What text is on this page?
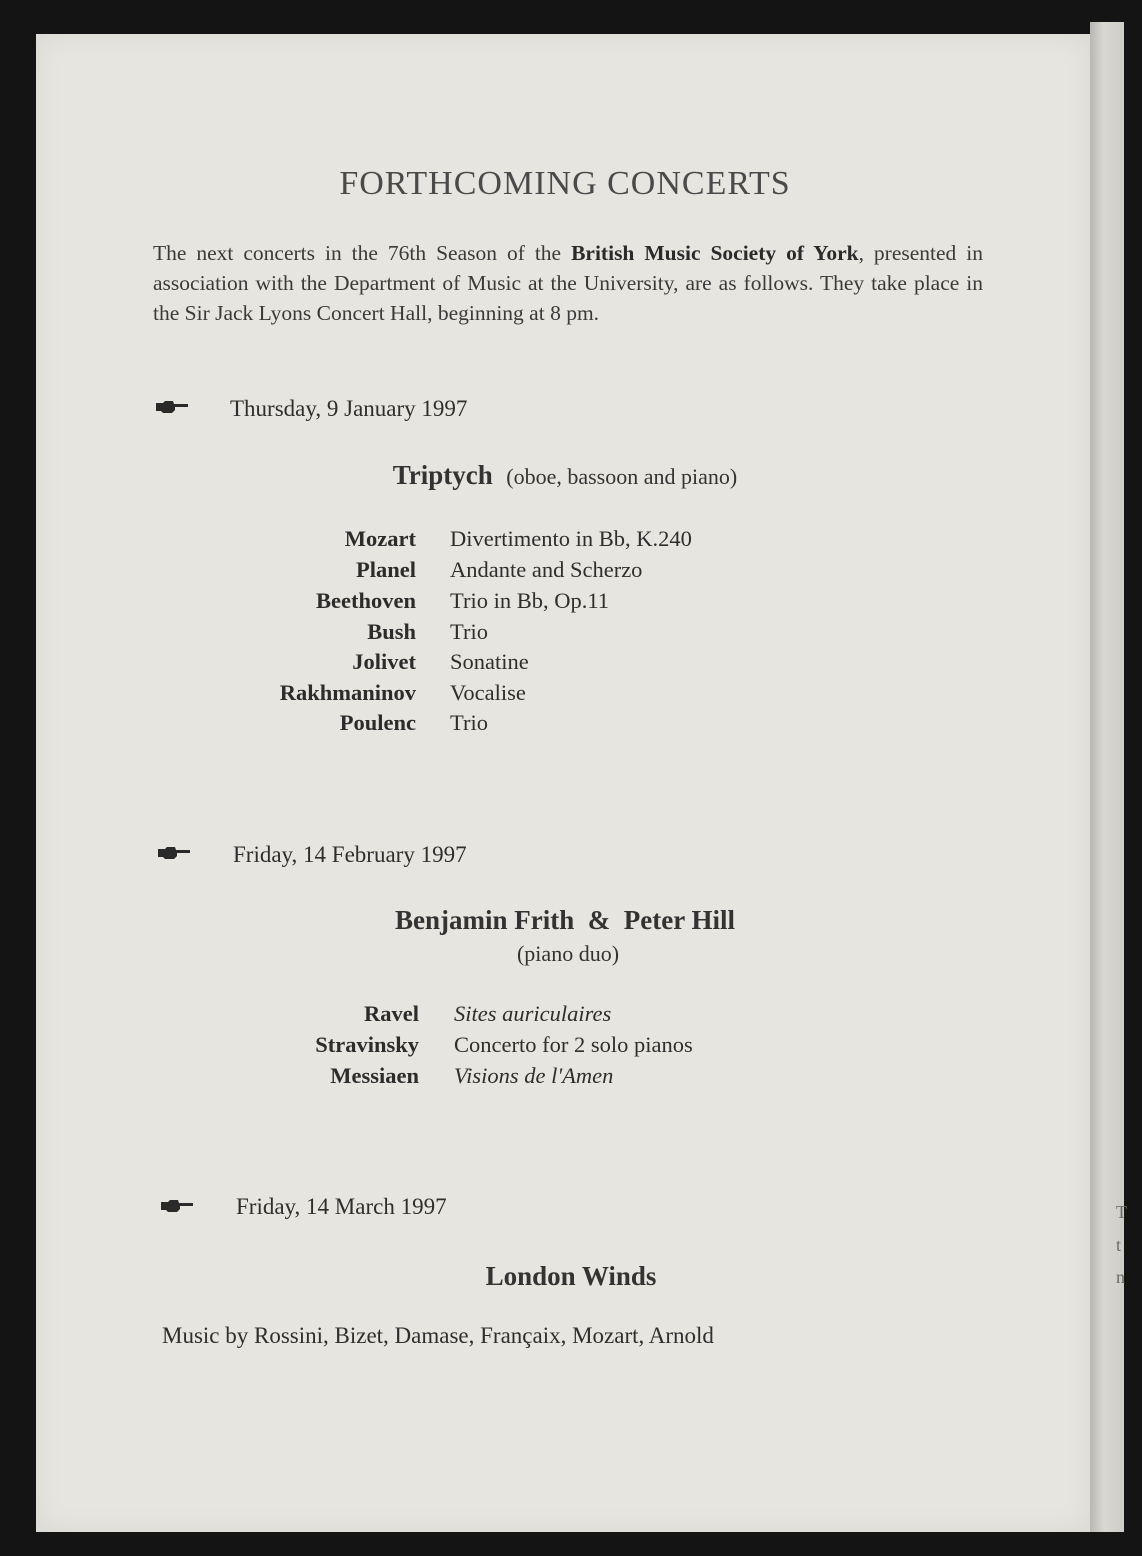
T
t
n
FORTHCOMING CONCERTS
The next concerts in the 76th Season of the British Music Society of York, presented in association with the Department of Music at the University, are as follows. They take place in the Sir Jack Lyons Concert Hall, beginning at 8 pm.
Thursday, 9 January 1997
Triptych (oboe, bassoon and piano)
Mozart Divertimento in Bb, K.240
Planel Andante and Scherzo
Beethoven Trio in Bb, Op.11
Bush Trio
Jolivet Sonatine
Rakhmaninov Vocalise
Poulenc Trio
Friday, 14 February 1997
Benjamin Frith  &  Peter Hill
(piano duo)
Ravel Sites auriculaires
Stravinsky Concerto for 2 solo pianos
Messiaen Visions de l'Amen
Friday, 14 March 1997
London Winds
Music by Rossini, Bizet, Damase, Françaix, Mozart, Arnold
